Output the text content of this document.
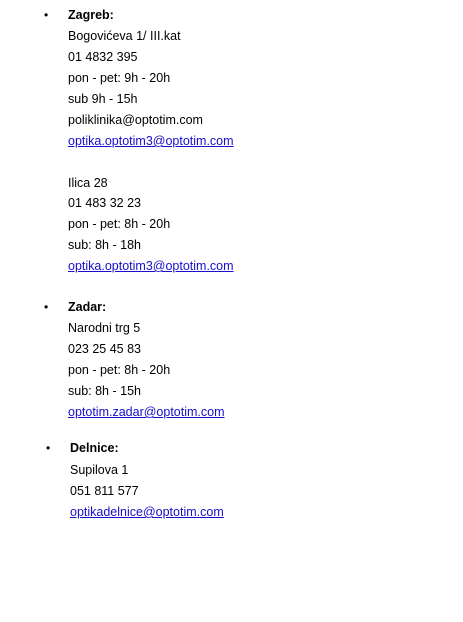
• Zagreb:
Bogovićeva 1/ III.kat
01 4832 395
pon - pet: 9h - 20h
sub 9h - 15h
poliklinika@optotim.com
optika.optotim3@optotim.com
Ilica 28
01 483 32 23
pon - pet: 8h - 20h
sub: 8h - 18h
optika.optotim3@optotim.com
• Zadar:
Narodni trg 5
023 25 45 83
pon - pet: 8h - 20h
sub: 8h - 15h
optotim.zadar@optotim.com
• Delnice:
Supilova 1
051 811 577
optikadelnice@optotim.com
